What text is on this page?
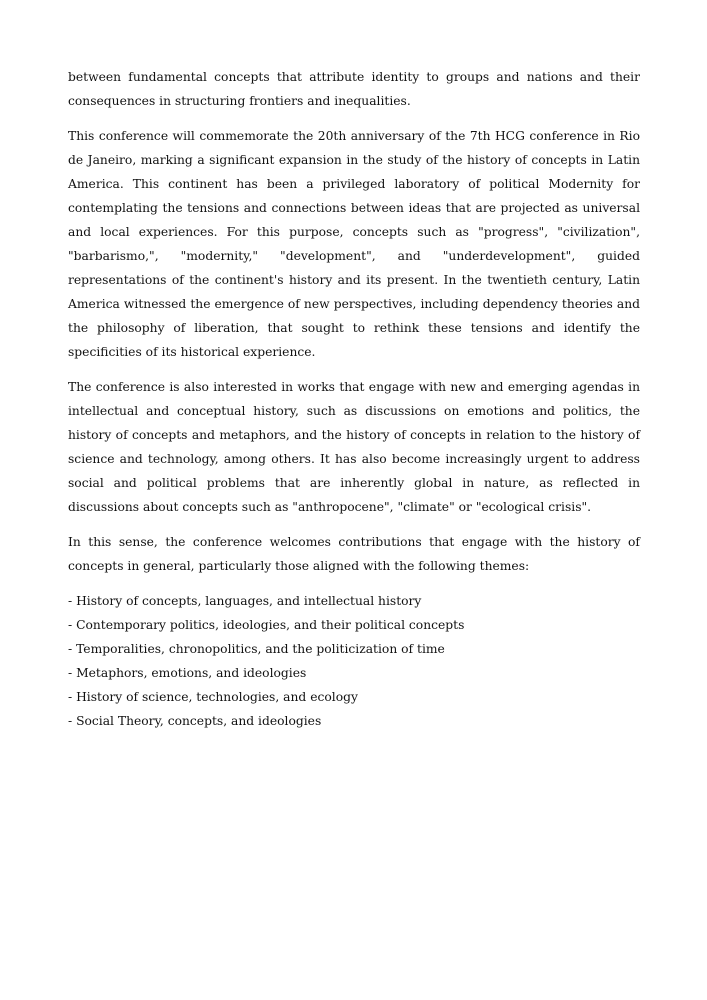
between fundamental concepts that attribute identity to groups and nations and their consequences in structuring frontiers and inequalities.

This conference will commemorate the 20th anniversary of the 7th HCG conference in Rio de Janeiro, marking a significant expansion in the study of the history of concepts in Latin America. This continent has been a privileged laboratory of political Modernity for contemplating the tensions and connections between ideas that are projected as universal and local experiences. For this purpose, concepts such as "progress", "civilization", "barbarismo,", "modernity," "development", and "underdevelopment", guided representations of the continent's history and its present. In the twentieth century, Latin America witnessed the emergence of new perspectives, including dependency theories and the philosophy of liberation, that sought to rethink these tensions and identify the specificities of its historical experience.

The conference is also interested in works that engage with new and emerging agendas in intellectual and conceptual history, such as discussions on emotions and politics, the history of concepts and metaphors, and the history of concepts in relation to the history of science and technology, among others. It has also become increasingly urgent to address social and political problems that are inherently global in nature, as reflected in discussions about concepts such as "anthropocene", "climate" or "ecological crisis".

In this sense, the conference welcomes contributions that engage with the history of concepts in general, particularly those aligned with the following themes:

- History of concepts, languages, and intellectual history
- Contemporary politics, ideologies, and their political concepts
- Temporalities, chronopolitics, and the politicization of time
- Metaphors, emotions, and ideologies
- History of science, technologies, and ecology
- Social Theory, concepts, and ideologies
